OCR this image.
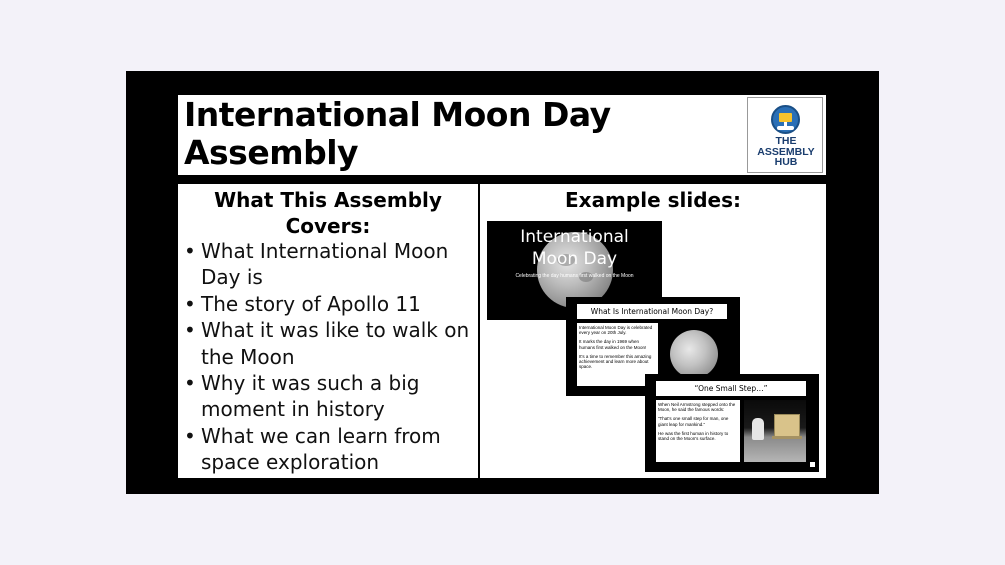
International Moon Day
Assembly	THE
ASSEMBLY
HUB
What This Assembly
Covers:
• What International Moon Day is
• The story of Apollo 11
• What it was like to walk on the Moon
• Why it was such a big moment in history
• What we can learn from space exploration
Example slides:
International
Moon Day
Celebrating the day humans first walked on the Moon
What Is International Moon Day?

International Moon Day is celebrated every year on 20th July.

It marks the day in 1969 when humans first walked on the Moon!

It's a time to remember this amazing achievement and learn more about space.

“One Small Step…”

When Neil Armstrong stepped onto the Moon, he said the famous words:

“That's one small step for man, one giant leap for mankind.”

He was the first human in history to stand on the Moon's surface.
